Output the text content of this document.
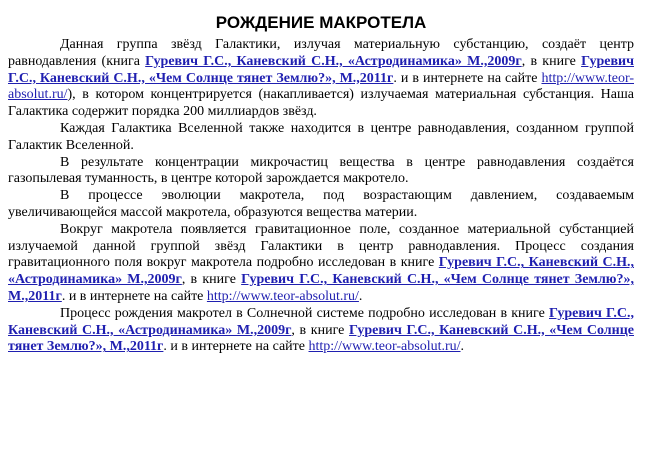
РОЖДЕНИЕ МАКРОТЕЛА

Данная группа звёзд Галактики, излучая материальную субстанцию, создаёт центр равнодавления (книга Гуревич Г.С., Каневский С.Н., «Астродинамика» М.,2009г, в книге Гуревич Г.С., Каневский С.Н., «Чем Солнце тянет Землю?», М.,2011г. и в интернете на сайте http://www.teor-absolut.ru/), в котором концентрируется (накапливается) излучаемая материальная субстанция. Наша Галактика содержит порядка 200 миллиардов звёзд.

Каждая Галактика Вселенной также находится в центре равнодавления, созданном группой Галактик Вселенной.

В результате концентрации микрочастиц вещества в центре равнодавления создаётся газопылевая туманность, в центре которой зарождается макротело.

В процессе эволюции макротела, под возрастающим давлением, создаваемым увеличивающейся массой макротела, образуются вещества материи.

Вокруг макротела появляется гравитационное поле, созданное материальной субстанцией излучаемой данной группой звёзд Галактики в центр равнодавления. Процесс создания гравитационного поля вокруг макротела подробно исследован в книге Гуревич Г.С., Каневский С.Н., «Астродинамика» М.,2009г, в книге Гуревич Г.С., Каневский С.Н., «Чем Солнце тянет Землю?», М.,2011г. и в интернете на сайте http://www.teor-absolut.ru/.

Процесс рождения макротел в Солнечной системе подробно исследован в книге Гуревич Г.С., Каневский С.Н., «Астродинамика» М.,2009г, в книге Гуревич Г.С., Каневский С.Н., «Чем Солнце тянет Землю?», М.,2011г. и в интернете на сайте http://www.teor-absolut.ru/.
